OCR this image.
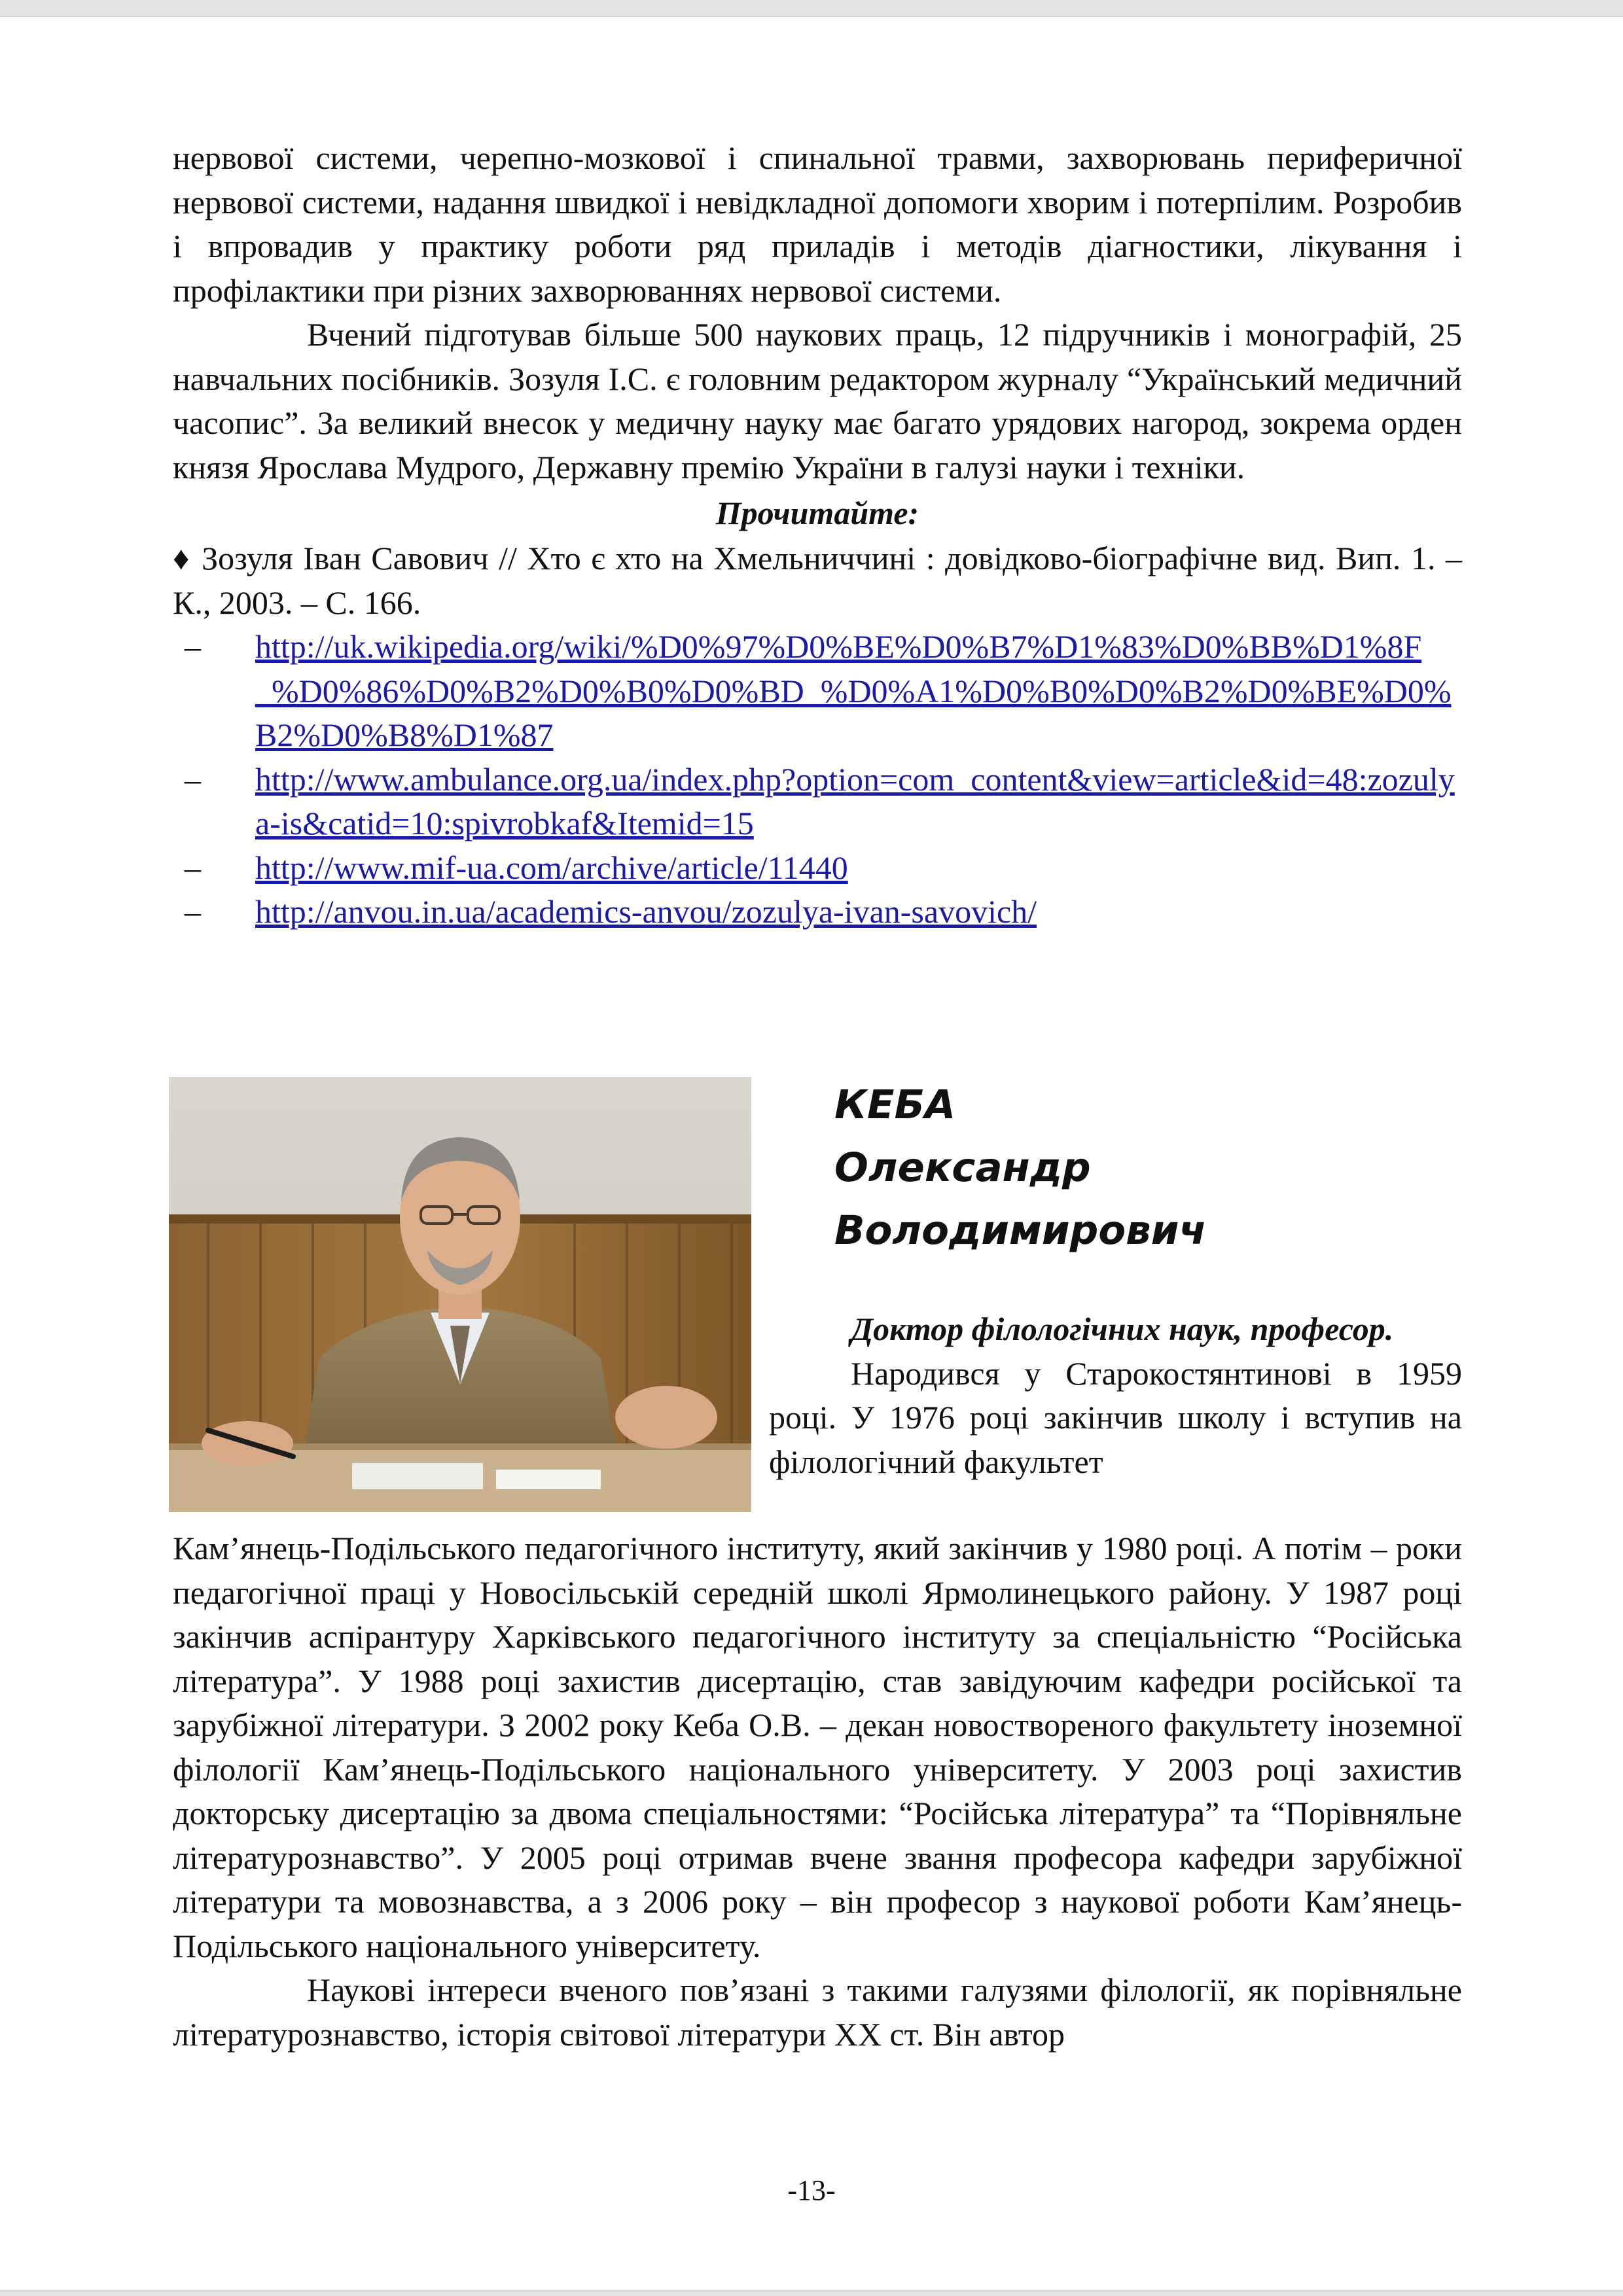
нервової системи, черепно-мозкової і спинальної травми, захворювань периферичної нервової системи, надання швидкої і невідкладної допомоги хворим і потерпілим. Розробив і впровадив у практику роботи ряд приладів і методів діагностики, лікування і профілактики при різних захворюваннях нервової системи.

Вчений підготував більше 500 наукових праць, 12 підручників і монографій, 25 навчальних посібників. Зозуля І.С. є головним редактором журналу “Український медичний часопис”. За великий внесок у медичну науку має багато урядових нагород, зокрема орден князя Ярослава Мудрого, Державну премію України в галузі науки і техніки.

Прочитайте:

♦ Зозуля Іван Савович // Хто є хто на Хмельниччині : довідково-біографічне вид. Вип. 1. – К., 2003. – С. 166.

– http://uk.wikipedia.org/wiki/%D0%97%D0%BE%D0%B7%D1%83%D0%BB%D1%8F_%D0%86%D0%B2%D0%B0%D0%BD_%D0%A1%D0%B0%D0%B2%D0%BE%D0%B2%D0%B8%D1%87
– http://www.ambulance.org.ua/index.php?option=com_content&view=article&id=48:zozulya-is&catid=10:spivrobkaf&Itemid=15
– http://www.mif-ua.com/archive/article/11440
– http://anvou.in.ua/academics-anvou/zozulya-ivan-savovich/
КЕБА
Олександр
Володимирович

Доктор філологічних наук, професор.

Народився у Старокостянтинові в 1959 році. У 1976 році закінчив школу і вступив на філологічний факультет

Кам’янець-Подільського педагогічного інституту, який закінчив у 1980 році. А потім – роки педагогічної праці у Новосільській середній школі Ярмолинецького району. У 1987 році закінчив аспірантуру Харківського педагогічного інституту за спеціальністю “Російська література”. У 1988 році захистив дисертацію, став завідуючим кафедри російської та зарубіжної літератури. З 2002 року Кеба О.В. – декан новоствореного факультету іноземної філології Кам’янець-Подільського національного університету. У 2003 році захистив докторську дисертацію за двома спеціальностями: “Російська література” та “Порівняльне літературознавство”. У 2005 році отримав вчене звання професора кафедри зарубіжної літератури та мовознавства, а з 2006 року – він професор з наукової роботи Кам’янець-Подільського національного університету.

Наукові інтереси вченого пов’язані з такими галузями філології, як порівняльне літературознавство, історія світової літератури XX ст. Він автор

-13-
